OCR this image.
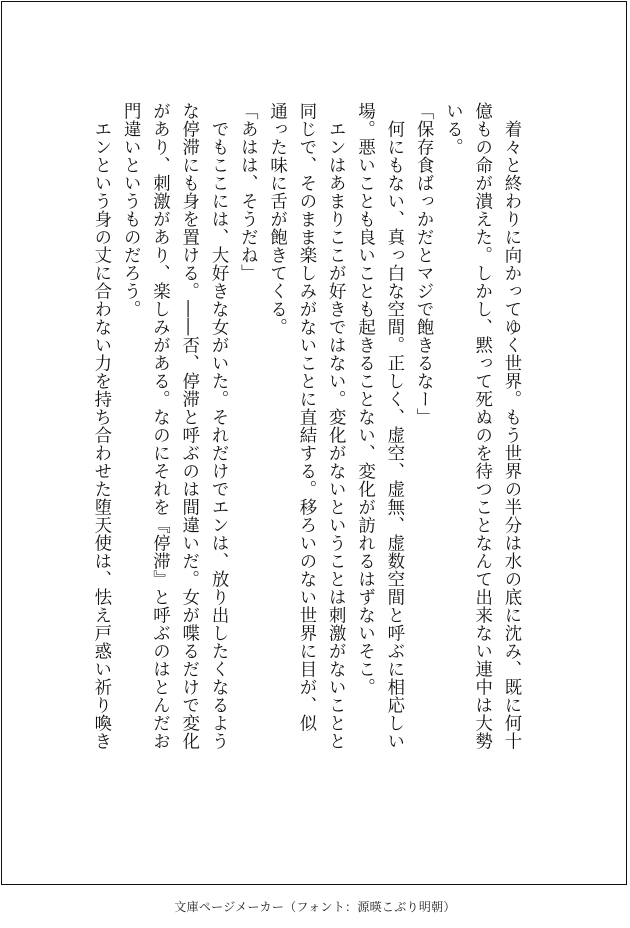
　着々と終わりに向かってゆく世界。もう世界の半分は水の底に沈み、既に何十
億もの命が潰えた。しかし、黙って死ぬのを待つことなんて出来ない連中は大勢
いる。
「保存食ばっかだとマジで飽きるなー」
　何にもない、真っ白な空間。正しく、虚空、虚無、虚数空間と呼ぶに相応しい
場。悪いことも良いことも起きることない、変化が訪れるはずないそこ。
　エンはあまりここが好きではない。変化がないということは刺激がないことと
同じで、そのまま楽しみがないことに直結する。移ろいのない世界に目が、似
通った味に舌が飽きてくる。
「あはは、そうだね」
　でもここには、大好きな女がいた。それだけでエンは、放り出したくなるよう
な停滞にも身を置ける。――否、停滞と呼ぶのは間違いだ。女が喋るだけで変化
があり、刺激があり、楽しみがある。なのにそれを『停滞』と呼ぶのはとんだお
門違いというものだろう。
　エンという身の丈に合わない力を持ち合わせた堕天使は、怯え戸惑い祈り喚き
文庫ページメーカー（フォント：源暎こぶり明朝）
